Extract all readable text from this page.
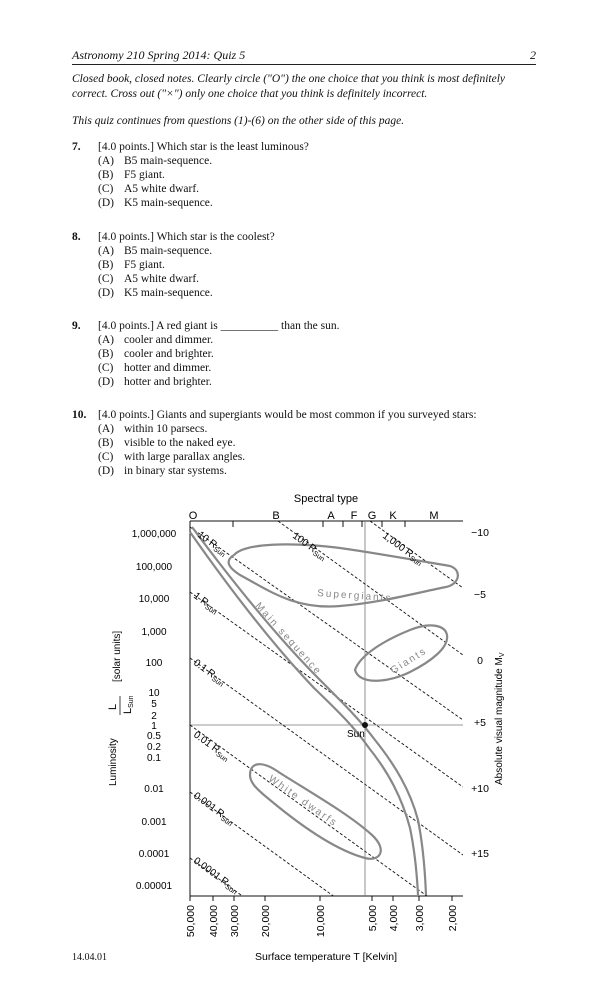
Astronomy 210 Spring 2014: Quiz 5	2
Closed book, closed notes. Clearly circle ("O") the one choice that you think is most definitely
correct. Cross out ("×") only one choice that you think is definitely incorrect.
This quiz continues from questions (1)-(6) on the other side of this page.
7. [4.0 points.] Which star is the least luminous?
(A) B5 main-sequence.
(B) F5 giant.
(C) A5 white dwarf.
(D) K5 main-sequence.
8. [4.0 points.] Which star is the coolest?
(A) B5 main-sequence.
(B) F5 giant.
(C) A5 white dwarf.
(D) K5 main-sequence.
9. [4.0 points.] A red giant is __________ than the sun.
(A) cooler and dimmer.
(B) cooler and brighter.
(C) hotter and dimmer.
(D) hotter and brighter.
10. [4.0 points.] Giants and supergiants would be most common if you surveyed stars:
(A) within 10 parsecs.
(B) visible to the naked eye.
(C) with large parallax angles.
(D) in binary star systems.
Spectral type
O	B	A F G K	M
Sun
Supergiants
Giants
Main sequence
White dwarfs
1,000 $R_{Sun}$
100 $R_{Sun}$
10 $R_{Sun}$
1 $R_{Sun}$
0.1 $R_{Sun}$
0.01 $R_{Sun}$
0.001 $R_{Sun}$
0.0001 $R_{Sun}$
1,000,000
100,000
10,000
1,000
100
10
5
2
1
0.5
0.2
0.1
0.01
0.001
0.0001
0.00001
−10
−5
0
+5
+10
+15
50,000 40,000 30,000 20,000	10,000	5,000 4,000 3,000 2,000
Luminosity
L
LSun
[solar units]
Absolute visual magnitude $M_V$
Surface temperature T [Kelvin]
14.04.01
